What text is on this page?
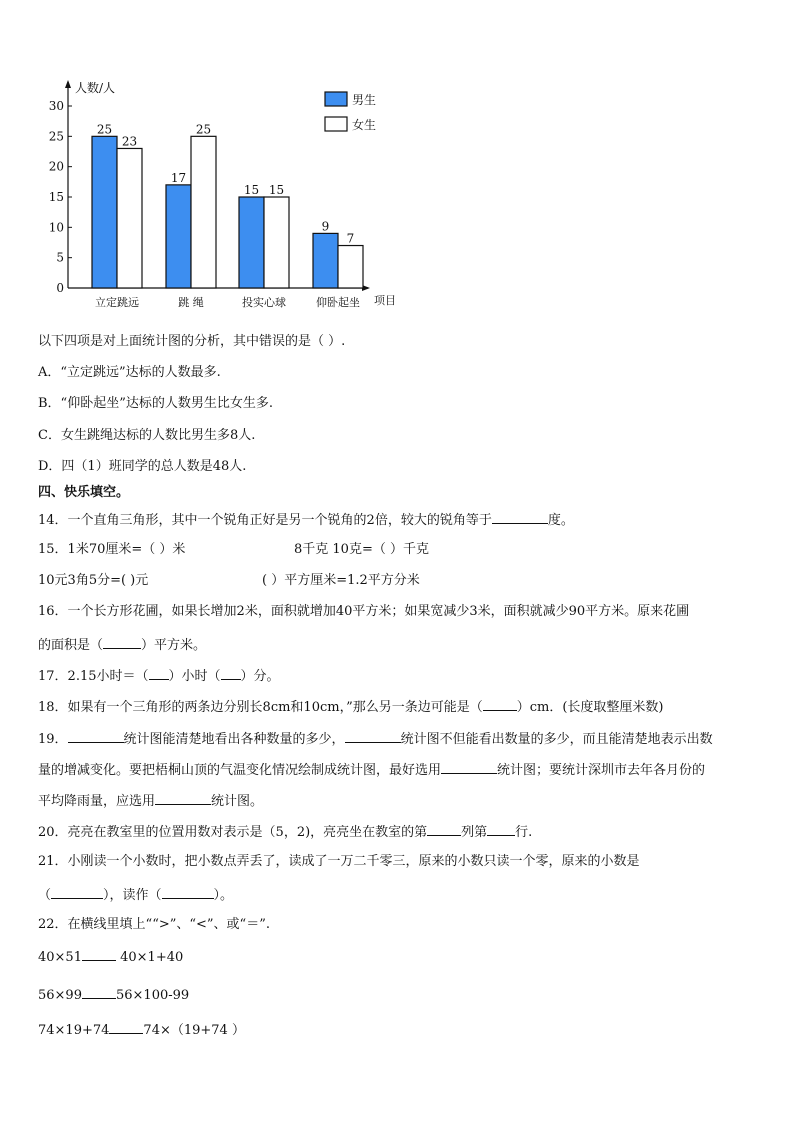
人数/人
项目
0
5
10
15
20
25
30
25
23
立定跳远
17
25
跳 绳
15 15
投实心球
9
7
仰卧起坐
男生
女生
以下四项是对上面统计图的分析，其中错误的是（ ）.
A．“立定跳远”达标的人数最多.
B．“仰卧起坐”达标的人数男生比女生多.
C．女生跳绳达标的人数比男生多8人.
D．四（1）班同学的总人数是48人.
四、快乐填空。
14．一个直角三角形，其中一个锐角正好是另一个锐角的2倍，较大的锐角等于	度。
15．1米70厘米=（ ）米	8千克 10克=（ ）千克
10元3角5分=( )元	( ）平方厘米=1.2平方分米
16．一个长方形花圃，如果长增加2米，面积就增加40平方米；如果宽减少3米，面积就减少90平方米。原来花圃
的面积是（	）平方米。
17．2.15小时＝（ ）小时（ ）分。
18．如果有一个三角形的两条边分别长8cm和10cm，”那么另一条边可能是（	）cm．(长度取整厘米数)
19．	统计图能清楚地看出各种数量的多少，	统计图不但能看出数量的多少，而且能清楚地表示出数
量的增减变化。要把梧桐山顶的气温变化情况绘制成统计图，最好选用	统计图；要统计深圳市去年各月份的
平均降雨量，应选用	统计图。
20．亮亮在教室里的位置用数对表示是（5，2)，亮亮坐在教室的第	列第 行.
21．小刚读一个小数时，把小数点弄丢了，读成了一万二千零三，原来的小数只读一个零，原来的小数是
（	），读作（	）。
22．在横线里填上““>”、“<”、或“＝”.
40×51	40×1+40
56×99	56×100-99
74×19+74	74×（19+74 ）
